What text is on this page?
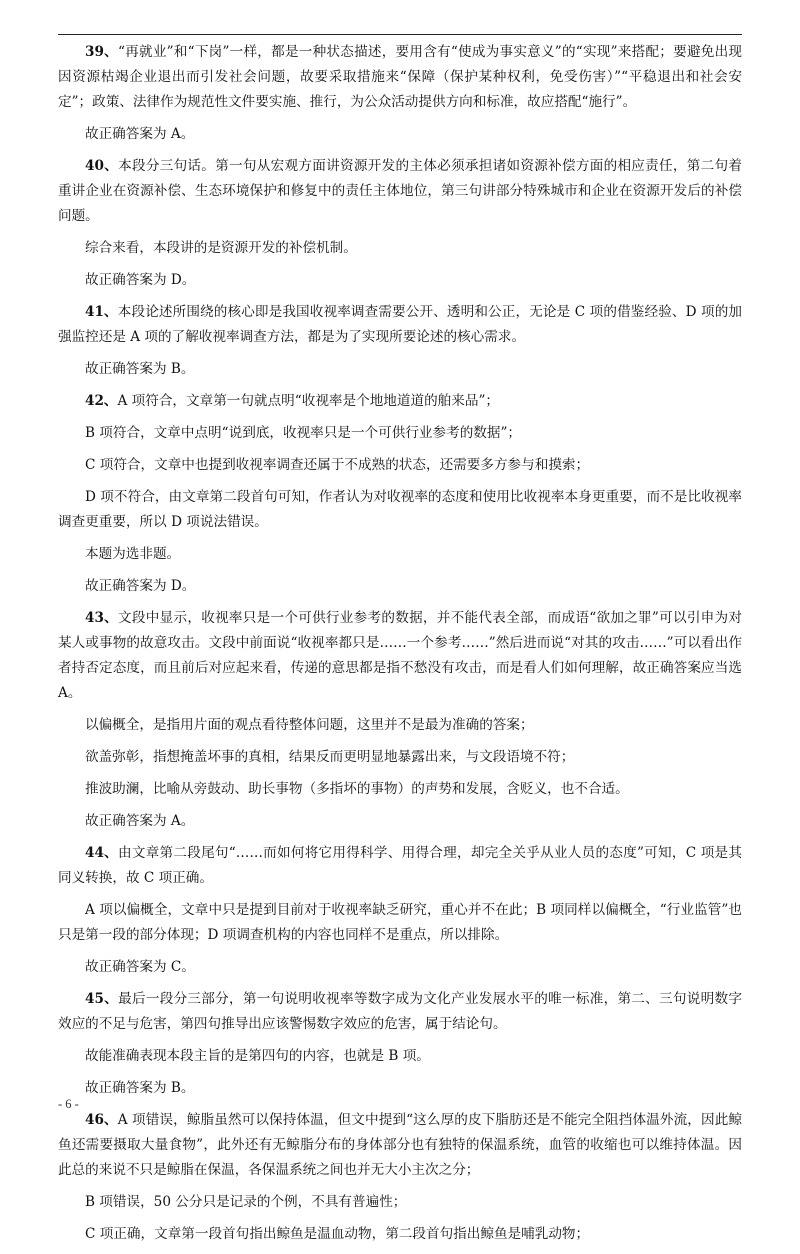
39、“再就业”和“下岗”一样，都是一种状态描述，要用含有“使成为事实意义”的“实现”来搭配；要避免出现因资源枯竭企业退出而引发社会问题，故要采取措施来“保障（保护某种权利，免受伤害）”“平稳退出和社会安定”；政策、法律作为规范性文件要实施、推行，为公众活动提供方向和标准，故应搭配“施行”。

故正确答案为 A。

40、本段分三句话。第一句从宏观方面讲资源开发的主体必须承担诸如资源补偿方面的相应责任，第二句着重讲企业在资源补偿、生态环境保护和修复中的责任主体地位，第三句讲部分特殊城市和企业在资源开发后的补偿问题。

综合来看，本段讲的是资源开发的补偿机制。

故正确答案为 D。

41、本段论述所围绕的核心即是我国收视率调查需要公开、透明和公正，无论是 C 项的借鉴经验、D 项的加强监控还是 A 项的了解收视率调查方法，都是为了实现所要论述的核心需求。

故正确答案为 B。

42、A 项符合，文章第一句就点明“收视率是个地地道道的舶来品”；

B 项符合，文章中点明“说到底，收视率只是一个可供行业参考的数据”；

C 项符合，文章中也提到收视率调查还属于不成熟的状态，还需要多方参与和摸索；

D 项不符合，由文章第二段首句可知，作者认为对收视率的态度和使用比收视率本身更重要，而不是比收视率调查更重要，所以 D 项说法错误。

本题为选非题。

故正确答案为 D。

43、文段中显示，收视率只是一个可供行业参考的数据，并不能代表全部，而成语“欲加之罪”可以引申为对某人或事物的故意攻击。文段中前面说“收视率都只是……一个参考……”然后进而说“对其的攻击……”可以看出作者持否定态度，而且前后对应起来看，传递的意思都是指不愁没有攻击，而是看人们如何理解，故正确答案应当选 A。

以偏概全，是指用片面的观点看待整体问题，这里并不是最为准确的答案；

欲盖弥彰，指想掩盖坏事的真相，结果反而更明显地暴露出来，与文段语境不符；

推波助澜，比喻从旁鼓动、助长事物（多指坏的事物）的声势和发展，含贬义，也不合适。

故正确答案为 A。

44、由文章第二段尾句“……而如何将它用得科学、用得合理，却完全关乎从业人员的态度”可知，C 项是其同义转换，故 C 项正确。

A 项以偏概全，文章中只是提到目前对于收视率缺乏研究，重心并不在此；B 项同样以偏概全，“行业监管”也只是第一段的部分体现；D 项调查机构的内容也同样不是重点，所以排除。

故正确答案为 C。

45、最后一段分三部分，第一句说明收视率等数字成为文化产业发展水平的唯一标准，第二、三句说明数字效应的不足与危害，第四句推导出应该警惕数字效应的危害，属于结论句。

故能准确表现本段主旨的是第四句的内容，也就是 B 项。

故正确答案为 B。

46、A 项错误，鲸脂虽然可以保持体温，但文中提到“这么厚的皮下脂肪还是不能完全阻挡体温外流，因此鲸鱼还需要摄取大量食物”，此外还有无鲸脂分布的身体部分也有独特的保温系统，血管的收缩也可以维持体温。因此总的来说不只是鲸脂在保温，各保温系统之间也并无大小主次之分；

B 项错误，50 公分只是记录的个例，不具有普遍性；

C 项正确，文章第一段首句指出鲸鱼是温血动物，第二段首句指出鲸鱼是哺乳动物；

- 6 -
